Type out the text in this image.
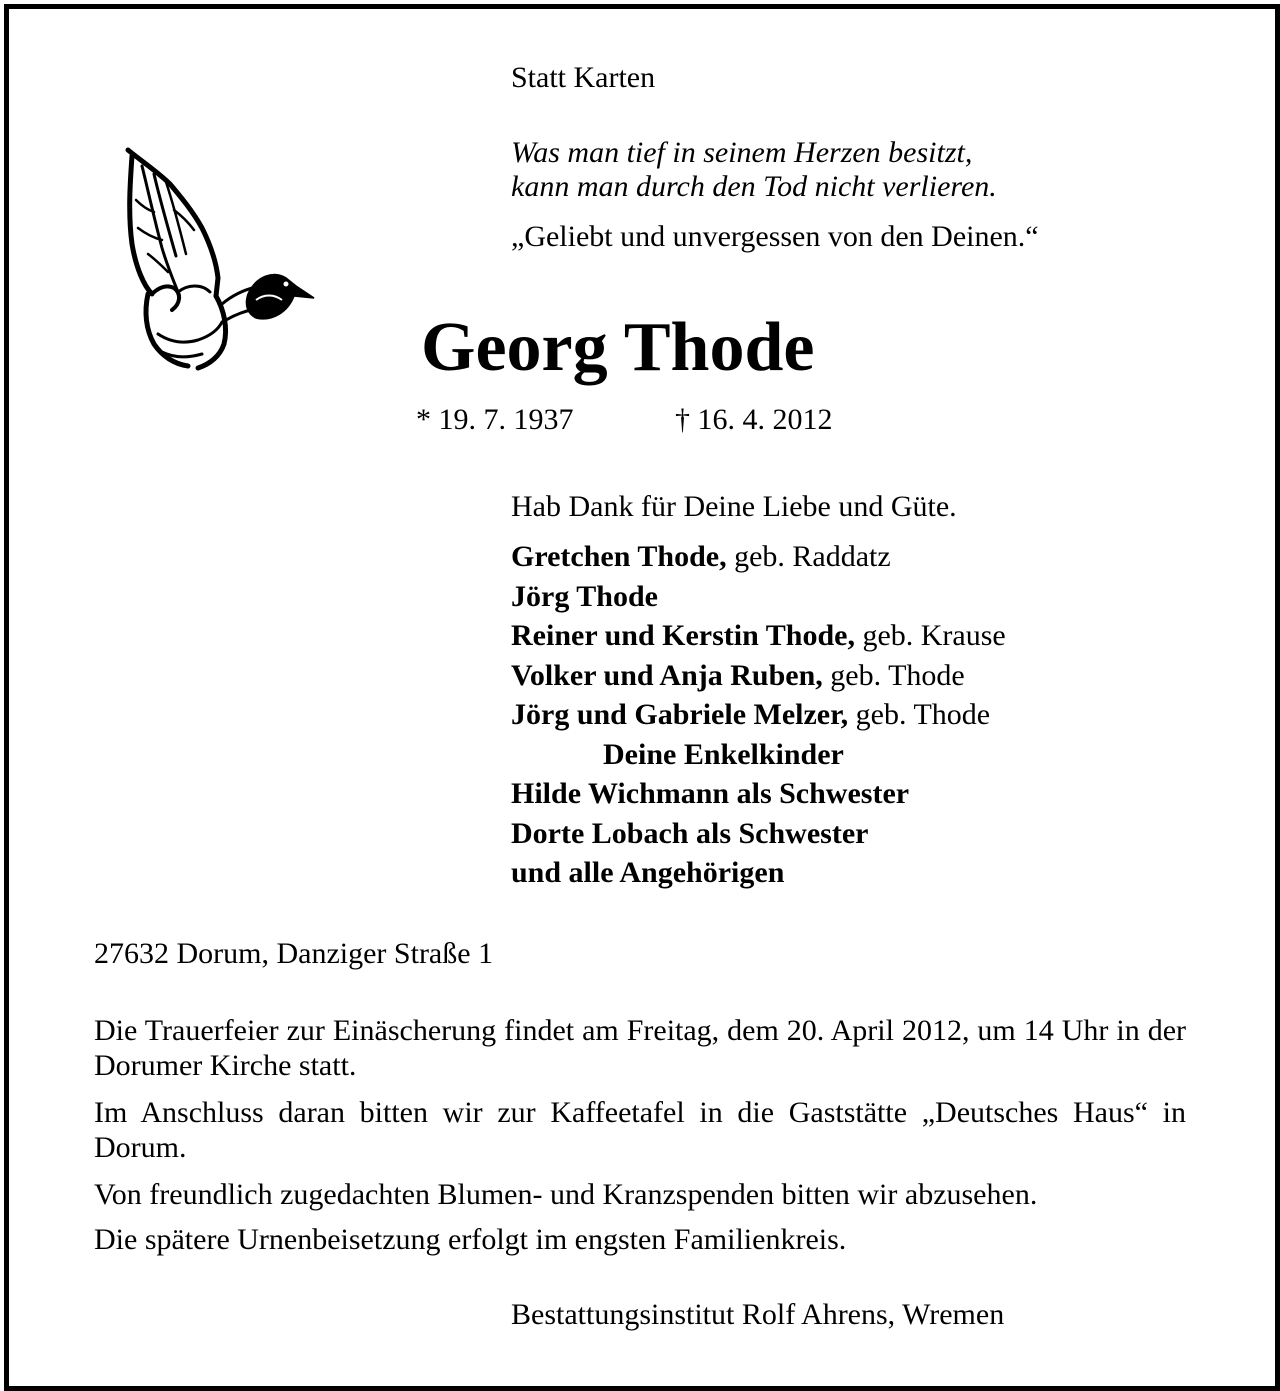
Statt Karten
Was man tief in seinem Herzen besitzt,
kann man durch den Tod nicht verlieren.
„Geliebt und unvergessen von den Deinen.“
Georg Thode
* 19. 7. 1937	† 16. 4. 2012
Hab Dank für Deine Liebe und Güte.
Gretchen Thode, geb. Raddatz
Jörg Thode
Reiner und Kerstin Thode, geb. Krause
Volker und Anja Ruben, geb. Thode
Jörg und Gabriele Melzer, geb. Thode
Deine Enkelkinder
Hilde Wichmann als Schwester
Dorte Lobach als Schwester
und alle Angehörigen
27632 Dorum, Danziger Straße 1
Die Trauerfeier zur Einäscherung findet am Freitag, dem 20. April 2012, um 14 Uhr in der Dorumer Kirche statt.
Im Anschluss daran bitten wir zur Kaffeetafel in die Gaststätte „Deutsches Haus“ in Dorum.
Von freundlich zugedachten Blumen- und Kranzspenden bitten wir abzusehen.
Die spätere Urnenbeisetzung erfolgt im engsten Familienkreis.
Bestattungsinstitut Rolf Ahrens, Wremen
